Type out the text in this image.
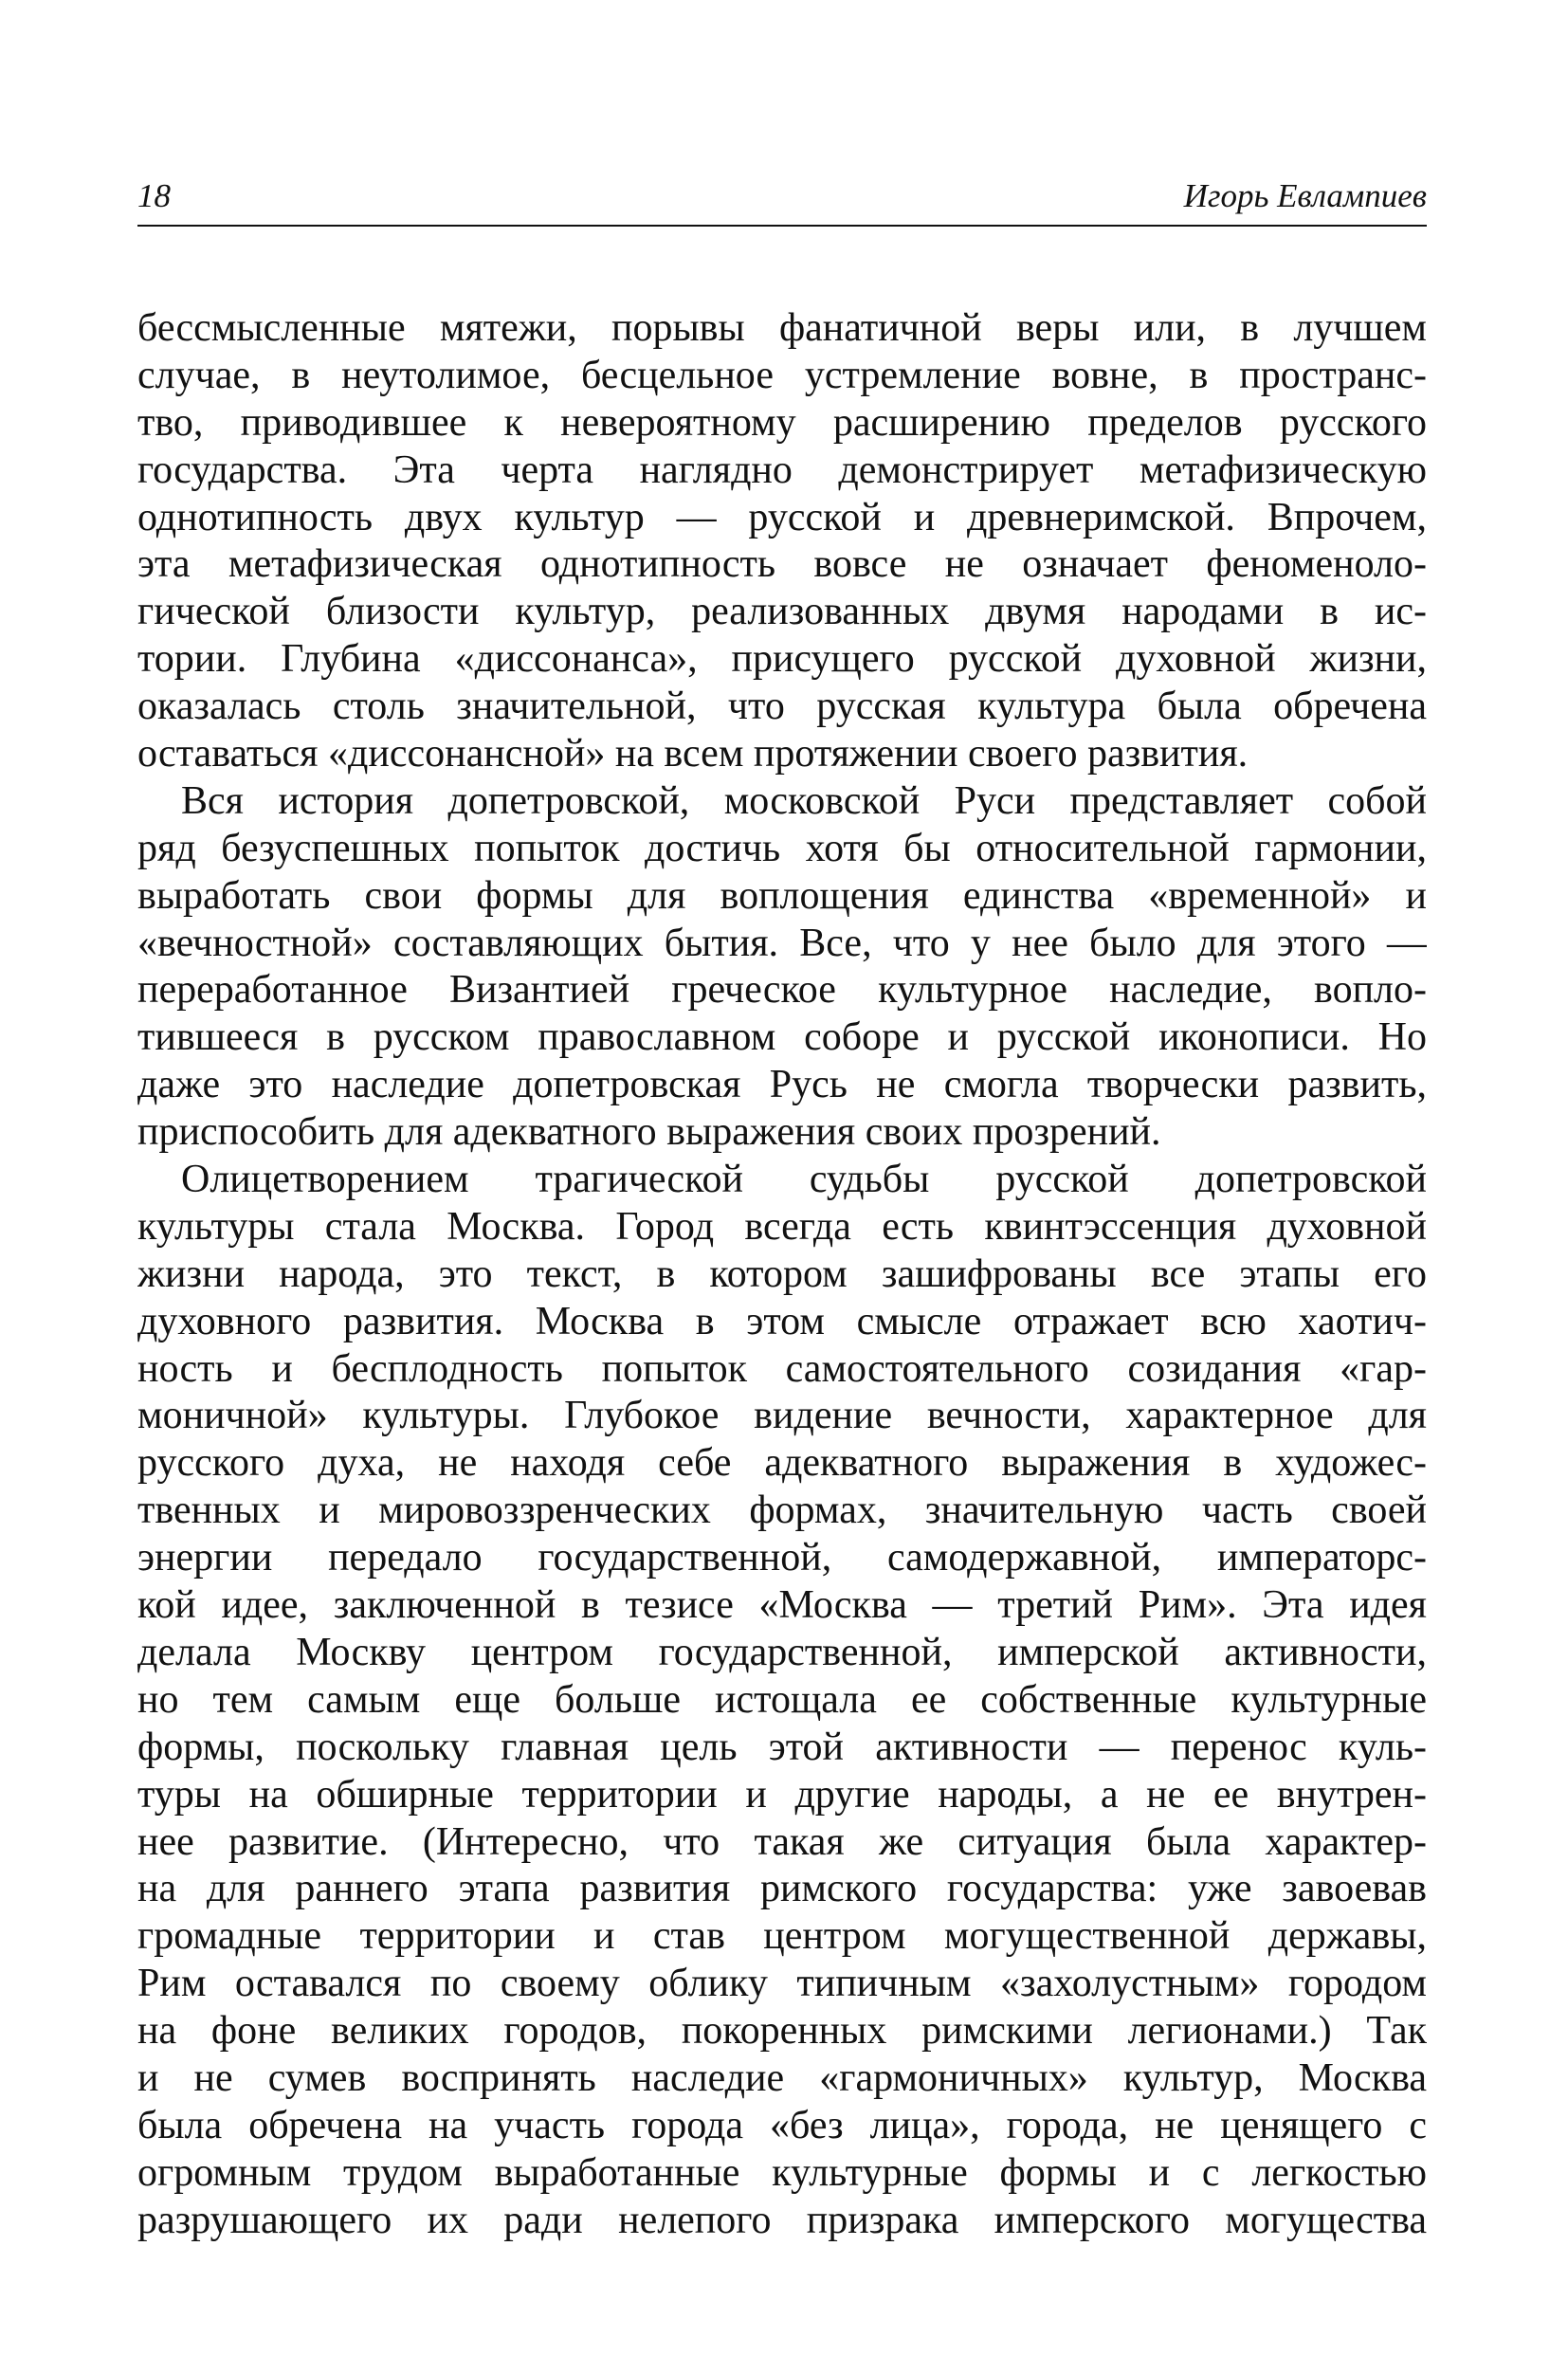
18	Игорь Евлампиев
бессмысленные мятежи, порывы фанатичной веры или, в лучшем
случае, в неутолимое, бесцельное устремление вовне, в пространс-
тво, приводившее к невероятному расширению пределов русского
государства. Эта черта наглядно демонстрирует метафизическую
однотипность двух культур — русской и древнеримской. Впрочем,
эта метафизическая однотипность вовсе не означает феноменоло-
гической близости культур, реализованных двумя народами в ис-
тории. Глубина «диссонанса», присущего русской духовной жизни,
оказалась столь значительной, что русская культура была обречена
оставаться «диссонансной» на всем протяжении своего развития.
Вся история допетровской, московской Руси представляет собой
ряд безуспешных попыток достичь хотя бы относительной гармонии,
выработать свои формы для воплощения единства «временной» и
«вечностной» составляющих бытия. Все, что у нее было для этого —
переработанное Византией греческое культурное наследие, вопло-
тившееся в русском православном соборе и русской иконописи. Но
даже это наследие допетровская Русь не смогла творчески развить,
приспособить для адекватного выражения своих прозрений.
Олицетворением трагической судьбы русской допетровской
культуры стала Москва. Город всегда есть квинтэссенция духовной
жизни народа, это текст, в котором зашифрованы все этапы его
духовного развития. Москва в этом смысле отражает всю хаотич-
ность и бесплодность попыток самостоятельного созидания «гар-
моничной» культуры. Глубокое видение вечности, характерное для
русского духа, не находя себе адекватного выражения в художес-
твенных и мировоззренческих формах, значительную часть своей
энергии передало государственной, самодержавной, императорс-
кой идее, заключенной в тезисе «Москва — третий Рим». Эта идея
делала Москву центром государственной, имперской активности,
но тем самым еще больше истощала ее собственные культурные
формы, поскольку главная цель этой активности — перенос куль-
туры на обширные территории и другие народы, а не ее внутрен-
нее развитие. (Интересно, что такая же ситуация была характер-
на для раннего этапа развития римского государства: уже завоевав
громадные территории и став центром могущественной державы,
Рим оставался по своему облику типичным «захолустным» городом
на фоне великих городов, покоренных римскими легионами.) Так
и не сумев воспринять наследие «гармоничных» культур, Москва
была обречена на участь города «без лица», города, не ценящего с
огромным трудом выработанные культурные формы и с легкостью
разрушающего их ради нелепого призрака имперского могущества
